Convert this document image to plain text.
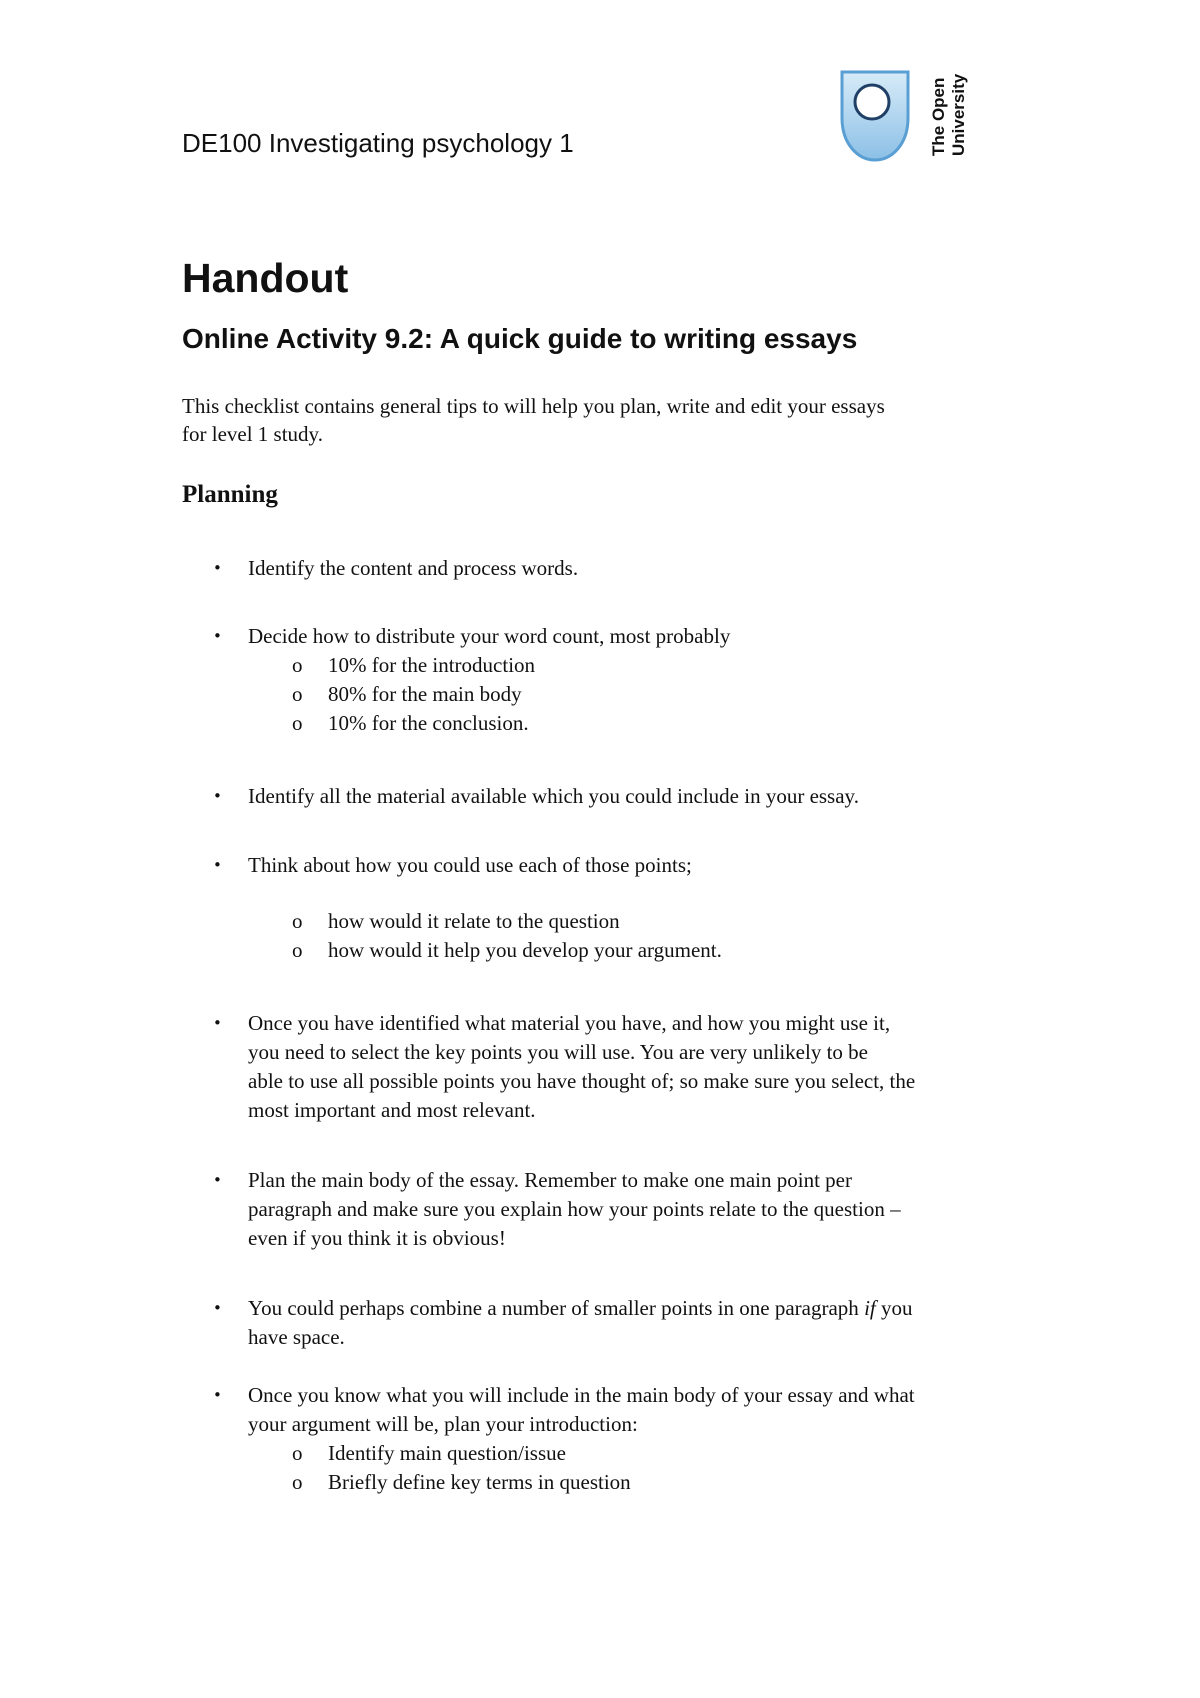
DE100 Investigating psychology 1	The Open University
Handout
Online Activity 9.2: A quick guide to writing essays
This checklist contains general tips to will help you plan, write and edit your essays
for level 1 study.
Planning
•	Identify the content and process words.
•	Decide how to distribute your word count, most probably
o 10% for the introduction
o 80% for the main body
o 10% for the conclusion.
•	Identify all the material available which you could include in your essay.
•	Think about how you could use each of those points;
o how would it relate to the question
o how would it help you develop your argument.
•	Once you have identified what material you have, and how you might use it,
you need to select the key points you will use. You are very unlikely to be
able to use all possible points you have thought of; so make sure you select, the
most important and most relevant.
•	Plan the main body of the essay. Remember to make one main point per
paragraph and make sure you explain how your points relate to the question –
even if you think it is obvious!
•	You could perhaps combine a number of smaller points in one paragraph if you
have space.
•	Once you know what you will include in the main body of your essay and what
your argument will be, plan your introduction:
o Identify main question/issue
o Briefly define key terms in question
